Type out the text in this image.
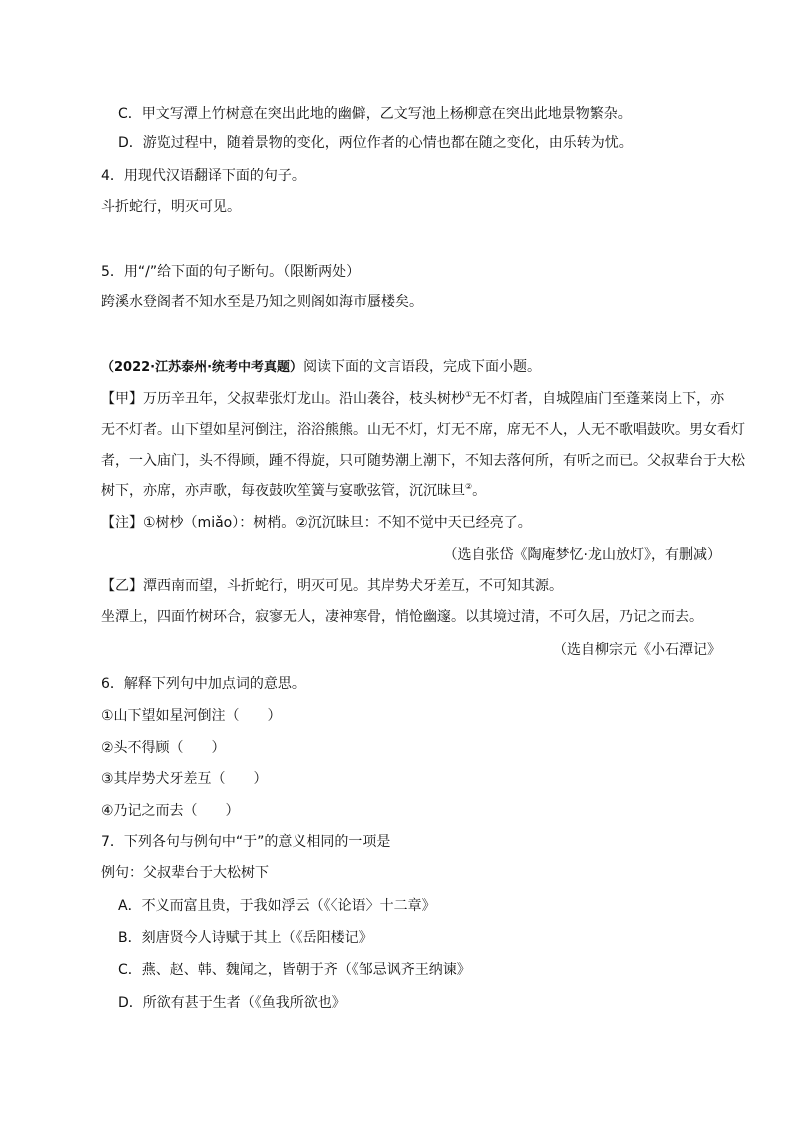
C．甲文写潭上竹树意在突出此地的幽僻，乙文写池上杨柳意在突出此地景物繁杂。
D．游览过程中，随着景物的变化，两位作者的心情也都在随之变化，由乐转为忧。
4．用现代汉语翻译下面的句子。
斗折蛇行，明灭可见。
5．用“/”给下面的句子断句。（限断两处）
跨溪水登阁者不知水至是乃知之则阁如海市蜃楼矣。
（2022·江苏泰州·统考中考真题）阅读下面的文言语段，完成下面小题。
【甲】万历辛丑年，父叔辈张灯龙山。沿山袭谷，枝头树杪①无不灯者，自城隍庙门至蓬莱岗上下，亦
无不灯者。山下望如星河倒注，浴浴熊熊。山无不灯，灯无不席，席无不人，人无不歌唱鼓吹。男女看灯
者，一入庙门，头不得顾，踵不得旋，只可随势潮上潮下，不知去落何所，有听之而已。父叔辈台于大松
树下，亦席，亦声歌，每夜鼓吹笙簧与宴歌弦管，沉沉昧旦②。
【注】①树杪（miǎo）：树梢。②沉沉昧旦：不知不觉中天已经亮了。
（选自张岱《陶庵梦忆·龙山放灯》，有删减）
【乙】潭西南而望，斗折蛇行，明灭可见。其岸势犬牙差互，不可知其源。
坐潭上，四面竹树环合，寂寥无人，凄神寒骨，悄怆幽邃。以其境过清，不可久居，乃记之而去。
（选自柳宗元《小石潭记》
6．解释下列句中加点词的意思。
①山下望如星河倒注（　　）
②头不得顾（　　）
③其岸势犬牙差互（　　）
④乃记之而去（　　）
7．下列各句与例句中“于”的意义相同的一项是
例句：父叔辈台于大松树下
A．不义而富且贵，于我如浮云（《〈论语〉十二章》
B．刻唐贤今人诗赋于其上（《岳阳楼记》
C．燕、赵、韩、魏闻之，皆朝于齐（《邹忌讽齐王纳谏》
D．所欲有甚于生者（《鱼我所欲也》
